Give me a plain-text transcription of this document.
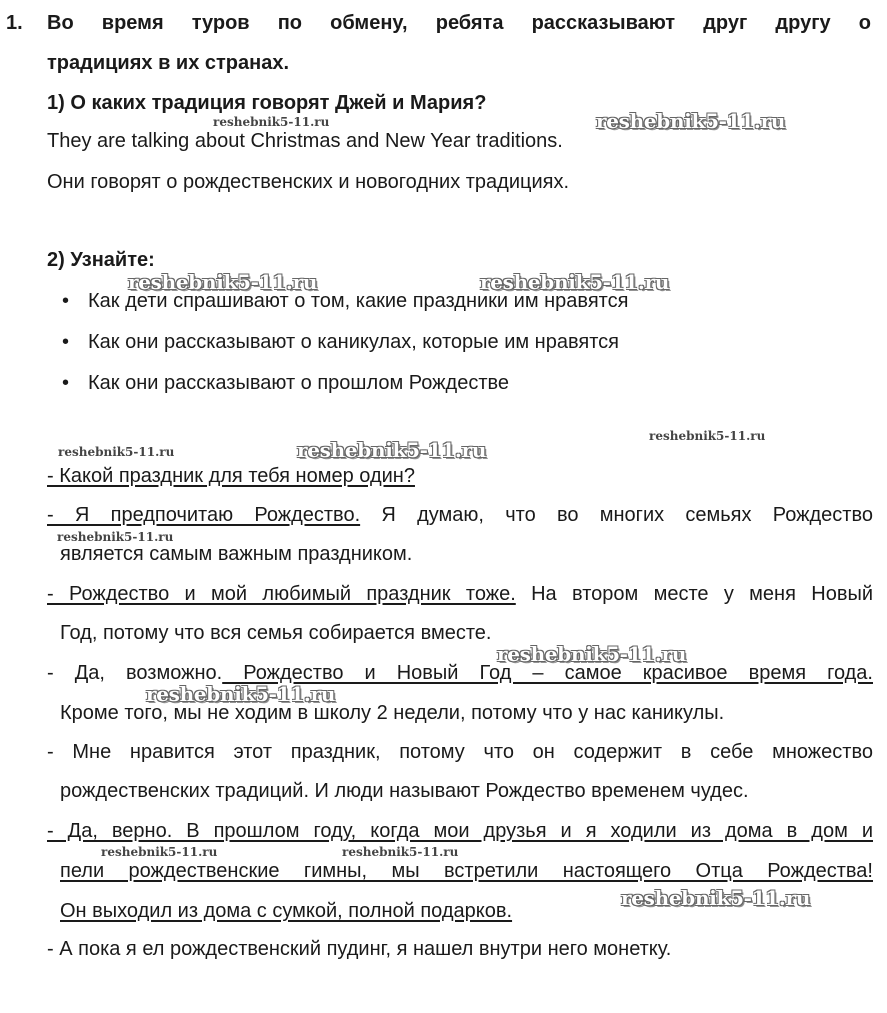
1. Во время туров по обмену, ребята рассказывают друг другу о
традициях в их странах.
1) О каких традиция говорят Джей и Мария?
They are talking about Christmas and New Year traditions.
Они говорят о рождественских и новогодних традициях.
2) Узнайте:
• Как дети спрашивают о том, какие праздники им нравятся
• Как они рассказывают о каникулах, которые им нравятся
• Как они рассказывают о прошлом Рождестве
- Какой праздник для тебя номер один?
- Я предпочитаю Рождество. Я думаю, что во многих семьях Рождество
является самым важным праздником.
- Рождество и мой любимый праздник тоже. На втором месте у меня Новый
Год, потому что вся семья собирается вместе.
- Да, возможно. Рождество и Новый Год – самое красивое время года.
Кроме того, мы не ходим в школу 2 недели, потому что у нас каникулы.
- Мне нравится этот праздник, потому что он содержит в себе множество
рождественских традиций. И люди называют Рождество временем чудес.
- Да, верно. В прошлом году, когда мои друзья и я ходили из дома в дом и
пели рождественские гимны, мы встретили настоящего Отца Рождества!
Он выходил из дома с сумкой, полной подарков.
- А пока я ел рождественский пудинг, я нашел внутри него монетку.
reshebnik5-11.ru	reshebnik5-11.ru
reshebnik5-11.ru	reshebnik5-11.ru
reshebnik5-11.ru	reshebnik5-11.ru
reshebnik5-11.ru
reshebnik5-11.ru
reshebnik5-11.ru
reshebnik5-11.ru
reshebnik5-11.ru	reshebnik5-11.ru
reshebnik5-11.ru
